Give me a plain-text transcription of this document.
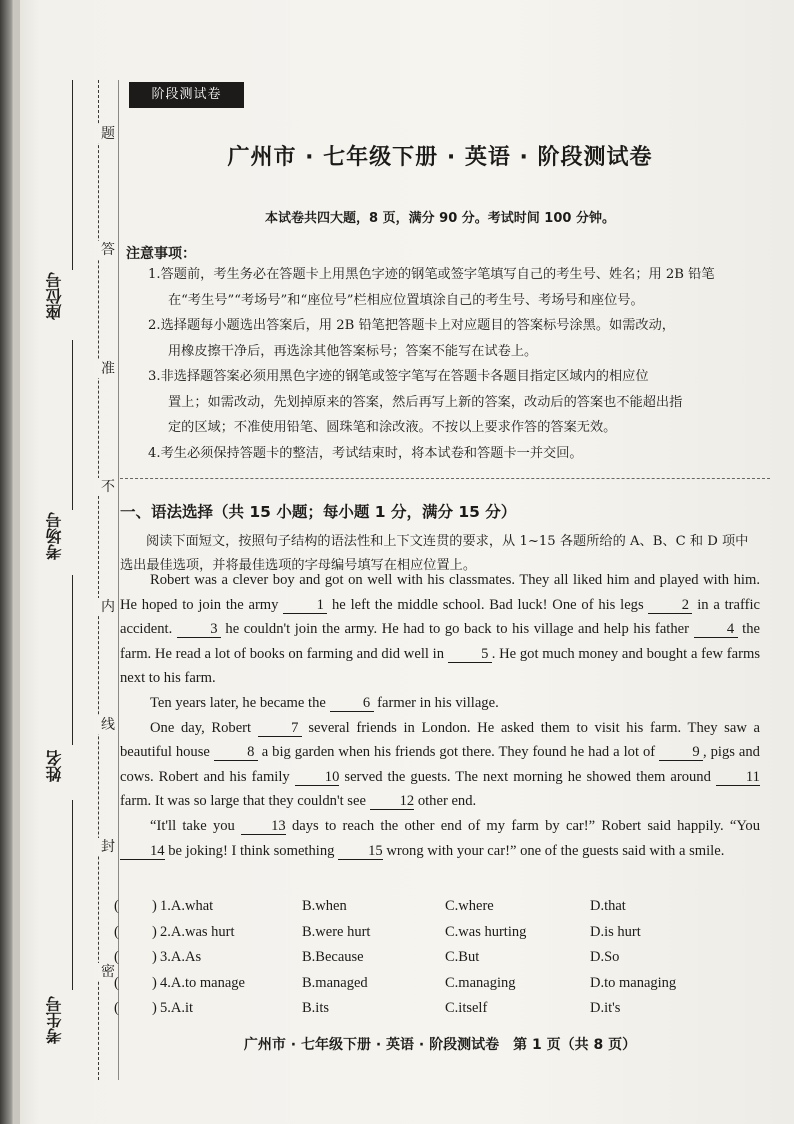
题
答
准
不
内
线
封
密
座位号
考场号
姓名
考生号
阶段测试卷
广州市 · 七年级下册 · 英语 · 阶段测试卷
本试卷共四大题，8 页，满分 90 分。考试时间 100 分钟。
注意事项：
1.答题前，考生务必在答题卡上用黑色字迹的钢笔或签字笔填写自己的考生号、姓名；用 2B 铅笔
在“考生号”“考场号”和“座位号”栏相应位置填涂自己的考生号、考场号和座位号。
2.选择题每小题选出答案后，用 2B 铅笔把答题卡上对应题目的答案标号涂黑。如需改动，
用橡皮擦干净后，再选涂其他答案标号；答案不能写在试卷上。
3.非选择题答案必须用黑色字迹的钢笔或签字笔写在答题卡各题目指定区域内的相应位
置上；如需改动，先划掉原来的答案，然后再写上新的答案，改动后的答案也不能超出指
定的区域；不准使用铅笔、圆珠笔和涂改液。不按以上要求作答的答案无效。
4.考生必须保持答题卡的整洁，考试结束时，将本试卷和答题卡一并交回。
一、语法选择（共 15 小题；每小题 1 分，满分 15 分）
阅读下面短文，按照句子结构的语法性和上下文连贯的要求，从 1~15 各题所给的 A、B、C 和 D 项中选出最佳选项，并将最佳选项的字母编号填写在相应位置上。

Robert was a clever boy and got on well with his classmates. They all liked him and played with him. He hoped to join the army 1 he left the middle school. Bad luck! One of his legs 2 in a traffic accident. 3 he couldn't join the army. He had to go back to his village and help his father 4 the farm. He read a lot of books on farming and did well in 5 . He got much money and bought a few farms next to his farm.

Ten years later, he became the 6 farmer in his village.

One day, Robert 7 several friends in London. He asked them to visit his farm. They saw a beautiful house 8 a big garden when his friends got there. They found he had a lot of 9 , pigs and cows. Robert and his family 10 served the guests. The next morning he showed them around 11 farm. It was so large that they couldn't see 12 other end.

“It'll take you 13 days to reach the other end of my farm by car!” Robert said happily. “You 14 be joking! I think something 15 wrong with your car!” one of the guests said with a smile.

( ) 1.A.what	B.when	C.where	D.that
( ) 2.A.was hurt	B.were hurt	C.was hurting	D.is hurt
( ) 3.A.As	B.Because	C.But	D.So
( ) 4.A.to manage	B.managed	C.managing	D.to managing
( ) 5.A.it	B.its	C.itself	D.it's
广州市 · 七年级下册 · 英语 · 阶段测试卷　第 1 页（共 8 页）
